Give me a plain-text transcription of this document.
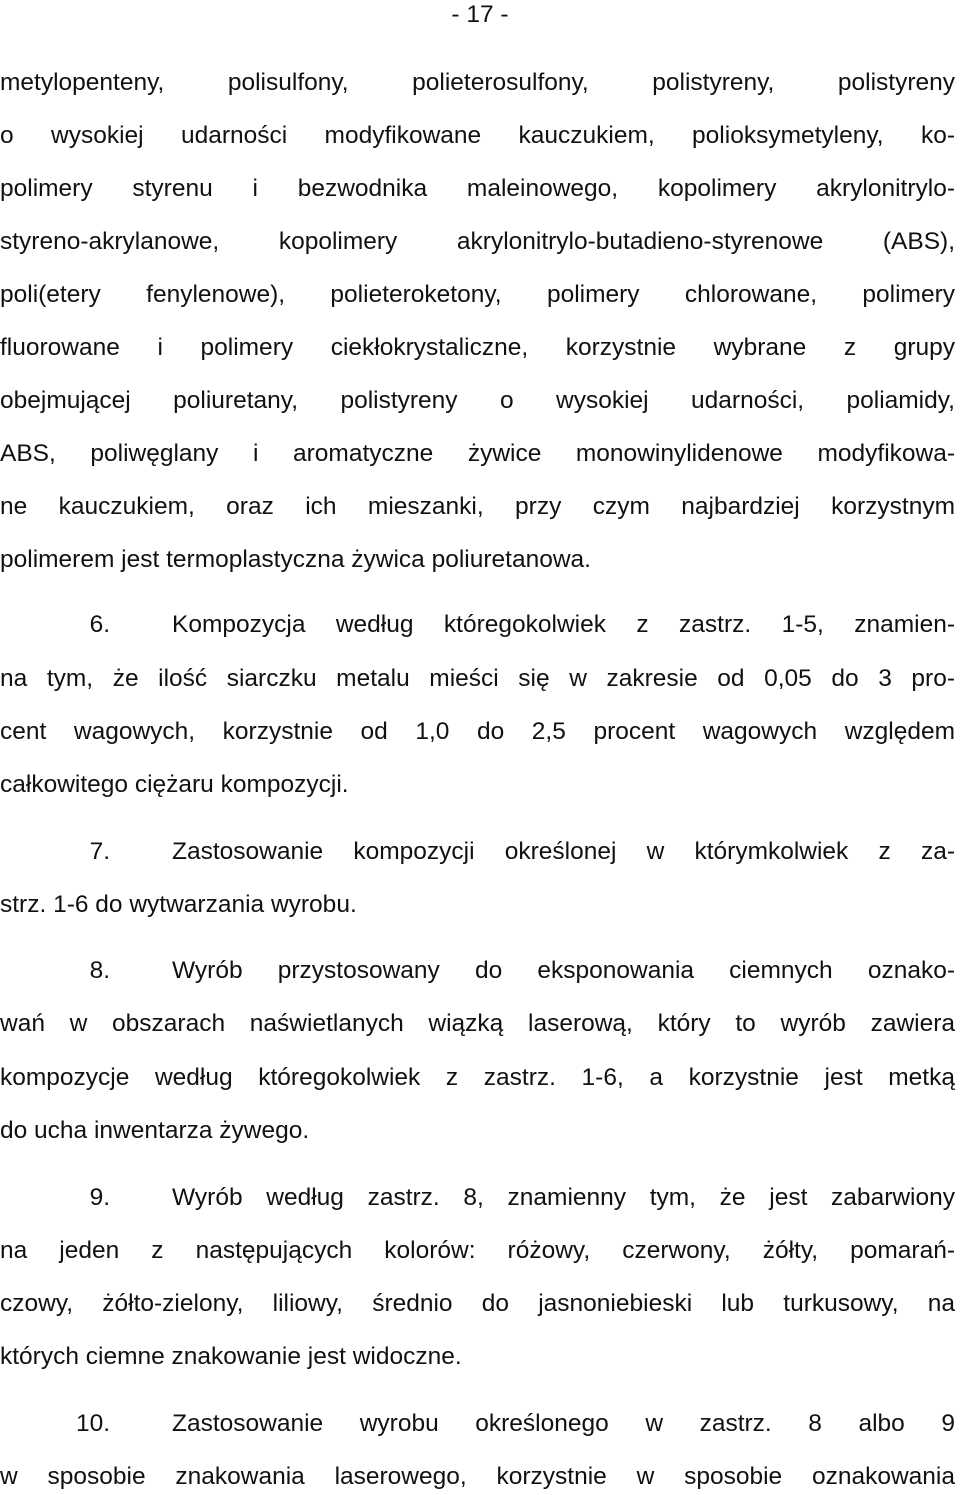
- 17 -
metylopenteny, polisulfony, polieterosulfony, polistyreny, polistyreny
o wysokiej udarności modyfikowane kauczukiem, polioksymetyleny, ko-
polimery styrenu i bezwodnika maleinowego, kopolimery akrylonitrylo-
styreno-akrylanowe, kopolimery akrylonitrylo-butadieno-styrenowe (ABS),
poli(etery fenylenowe), polieteroketony, polimery chlorowane, polimery
fluorowane i polimery ciekłokrystaliczne, korzystnie wybrane z grupy
obejmującej poliuretany, polistyreny o wysokiej udarności, poliamidy,
ABS, poliwęglany i aromatyczne żywice monowinylidenowe modyfikowa-
ne kauczukiem, oraz ich mieszanki, przy czym najbardziej korzystnym
polimerem jest termoplastyczna żywica poliuretanowa.
6.	Kompozycja według któregokolwiek z zastrz. 1-5, znamien-
na tym, że ilość siarczku metalu mieści się w zakresie od 0,05 do 3 pro-
cent wagowych, korzystnie od 1,0 do 2,5 procent wagowych względem
całkowitego ciężaru kompozycji.
7.	Zastosowanie kompozycji określonej w którymkolwiek z za-
strz. 1-6 do wytwarzania wyrobu.
8.	Wyrób przystosowany do eksponowania ciemnych oznako-
wań w obszarach naświetlanych wiązką laserową, który to wyrób zawiera
kompozycje według któregokolwiek z zastrz. 1-6, a korzystnie jest metką
do ucha inwentarza żywego.
9.	Wyrób według zastrz. 8, znamienny tym, że jest zabarwiony
na jeden z następujących kolorów: różowy, czerwony, żółty, pomarań-
czowy, żółto-zielony, liliowy, średnio do jasnoniebieski lub turkusowy, na
których ciemne znakowanie jest widoczne.
10.	Zastosowanie wyrobu określonego w zastrz. 8 albo 9
w sposobie znakowania laserowego, korzystnie w sposobie oznakowania
